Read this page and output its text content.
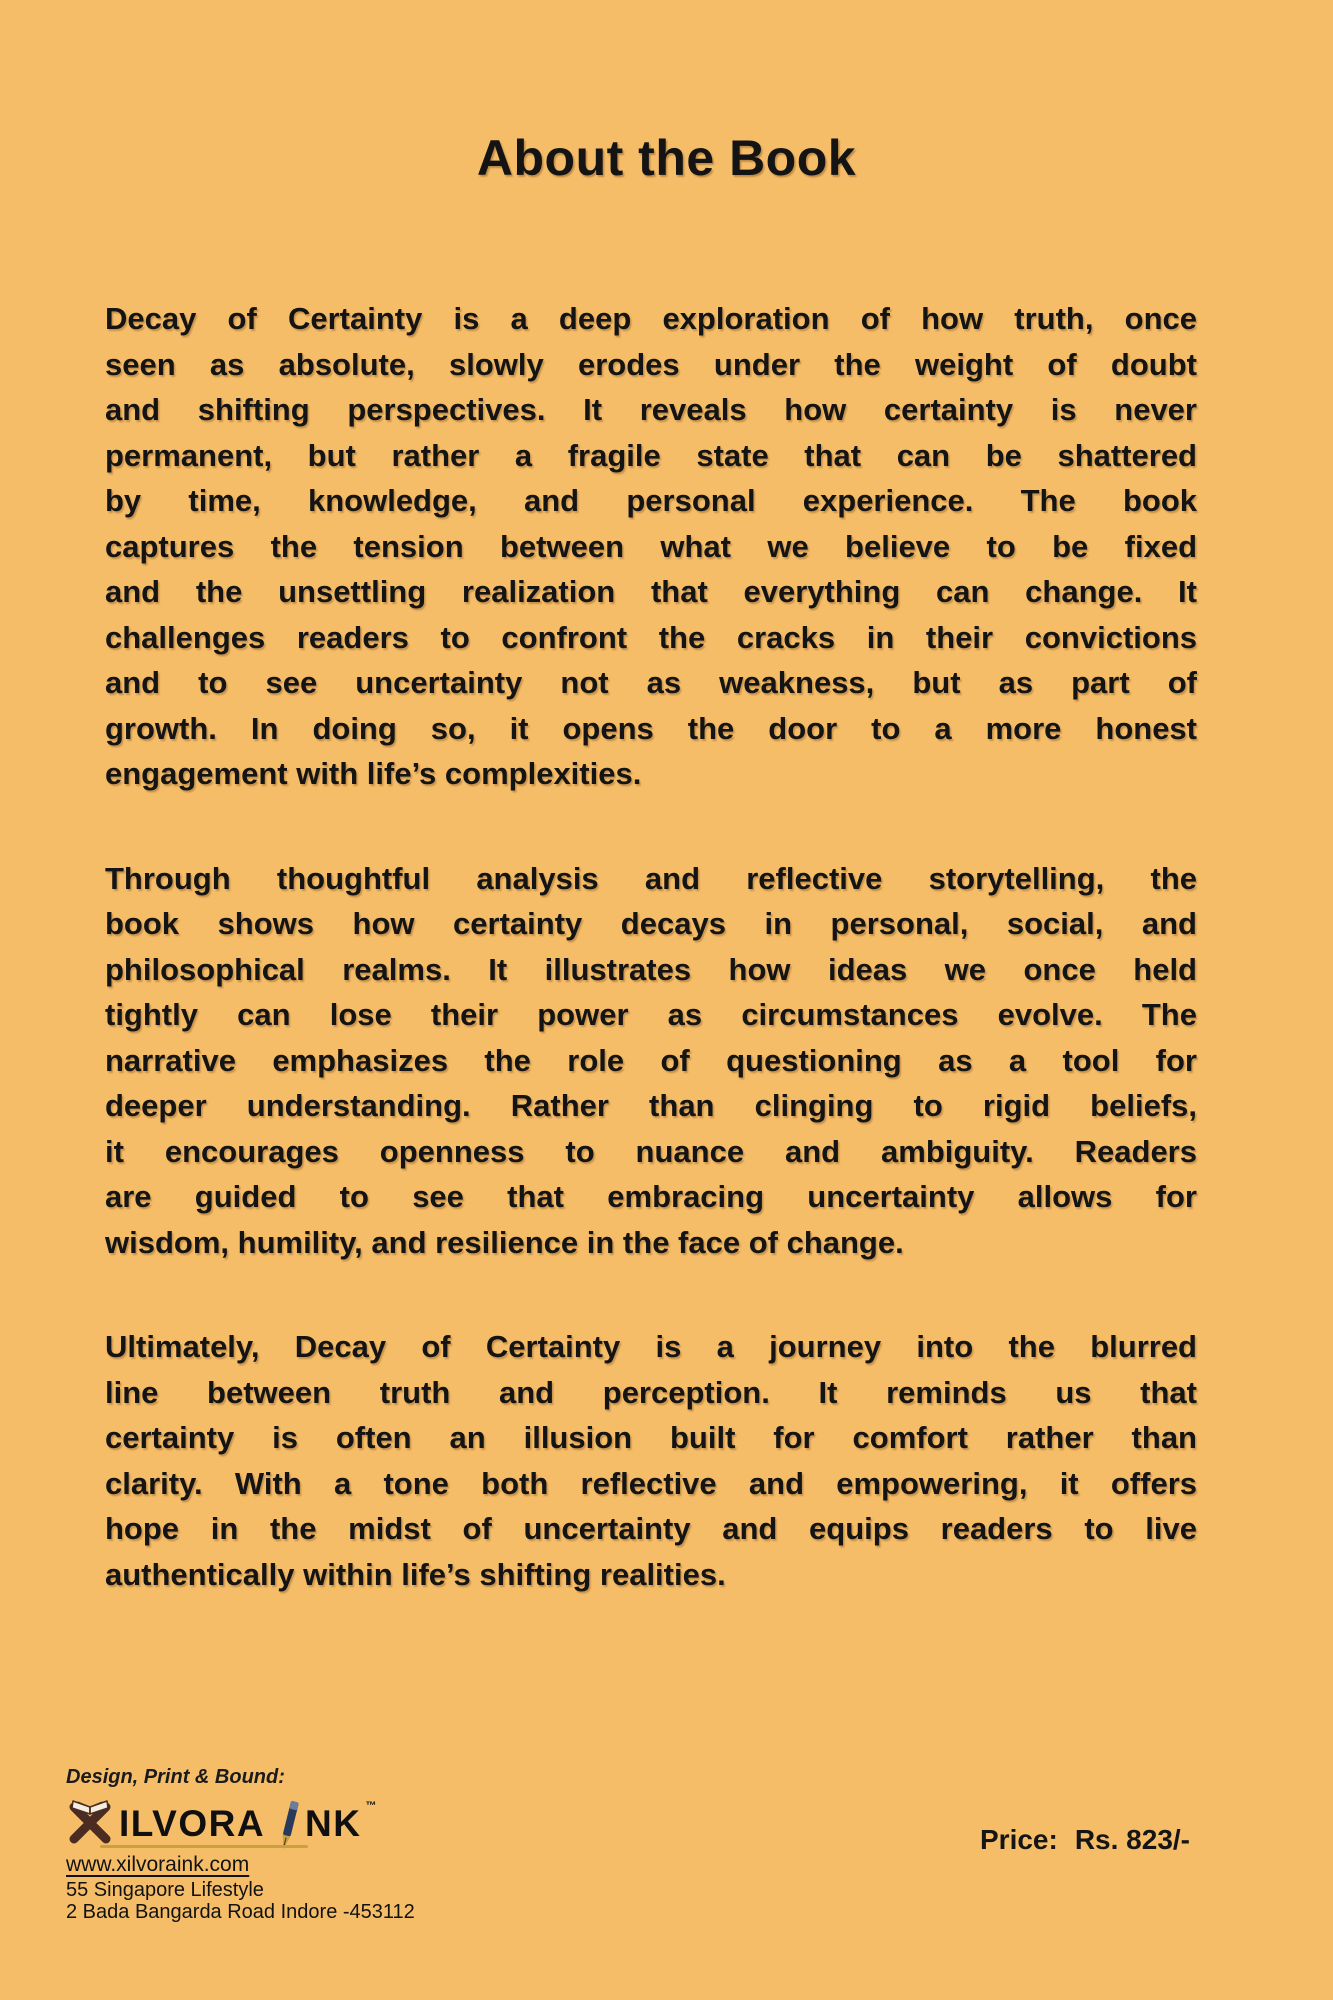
About the Book
Decay of Certainty is a deep exploration of how truth, once
seen as absolute, slowly erodes under the weight of doubt
and shifting perspectives. It reveals how certainty is never
permanent, but rather a fragile state that can be shattered
by time, knowledge, and personal experience. The book
captures the tension between what we believe to be fixed
and the unsettling realization that everything can change. It
challenges readers to confront the cracks in their convictions
and to see uncertainty not as weakness, but as part of
growth. In doing so, it opens the door to a more honest
engagement with life’s complexities.
Through thoughtful analysis and reflective storytelling, the
book shows how certainty decays in personal, social, and
philosophical realms. It illustrates how ideas we once held
tightly can lose their power as circumstances evolve. The
narrative emphasizes the role of questioning as a tool for
deeper understanding. Rather than clinging to rigid beliefs,
it encourages openness to nuance and ambiguity. Readers
are guided to see that embracing uncertainty allows for
wisdom, humility, and resilience in the face of change.
Ultimately, Decay of Certainty is a journey into the blurred
line between truth and perception. It reminds us that
certainty is often an illusion built for comfort rather than
clarity. With a tone both reflective and empowering, it offers
hope in the midst of uncertainty and equips readers to live
authentically within life’s shifting realities.
Design, Print & Bound:
ILVORA NK ™
www.xilvoraink.com
55 Singapore Lifestyle
2 Bada Bangarda Road Indore -453112
Price: Rs. 823/-
